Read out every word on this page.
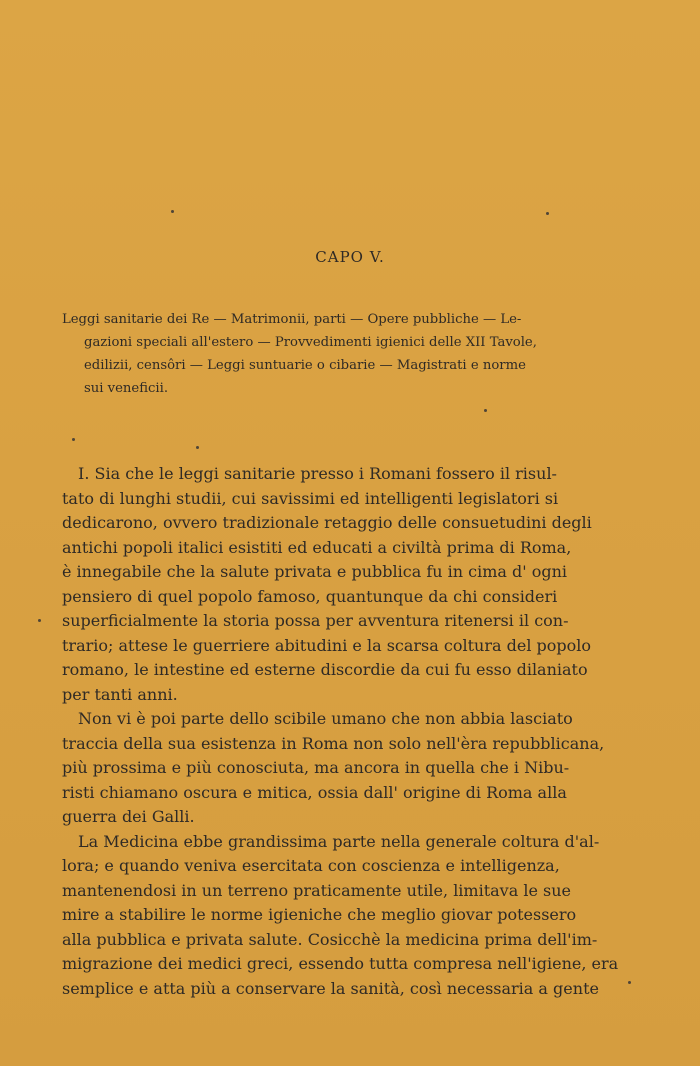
CAPO V.
Leggi sanitarie dei Re — Matrimonii, parti — Opere pubbliche — Le-
gazioni speciali all'estero — Provvedimenti igienici delle XII Tavole,
edilizii, censôri — Leggi suntuarie o cibarie — Magistrati e norme
sui veneficii.
I. Sia che le leggi sanitarie presso i Romani fossero il risul-
tato di lunghi studii, cui savissimi ed intelligenti legislatori si
dedicarono, ovvero tradizionale retaggio delle consuetudini degli
antichi popoli italici esistiti ed educati a civiltà prima di Roma,
è innegabile che la salute privata e pubblica fu in cima d' ogni
pensiero di quel popolo famoso, quantunque da chi consideri
superficialmente la storia possa per avventura ritenersi il con-
trario; attese le guerriere abitudini e la scarsa coltura del popolo
romano, le intestine ed esterne discordie da cui fu esso dilaniato
per tanti anni.
Non vi è poi parte dello scibile umano che non abbia lasciato
traccia della sua esistenza in Roma non solo nell'èra repubblicana,
più prossima e più conosciuta, ma ancora in quella che i Nibu-
risti chiamano oscura e mitica, ossia dall' origine di Roma alla
guerra dei Galli.
La Medicina ebbe grandissima parte nella generale coltura d'al-
lora; e quando veniva esercitata con coscienza e intelligenza,
mantenendosi in un terreno praticamente utile, limitava le sue
mire a stabilire le norme igieniche che meglio giovar potessero
alla pubblica e privata salute. Cosicchè la medicina prima dell'im-
migrazione dei medici greci, essendo tutta compresa nell'igiene, era
semplice e atta più a conservare la sanità, così necessaria a gente
